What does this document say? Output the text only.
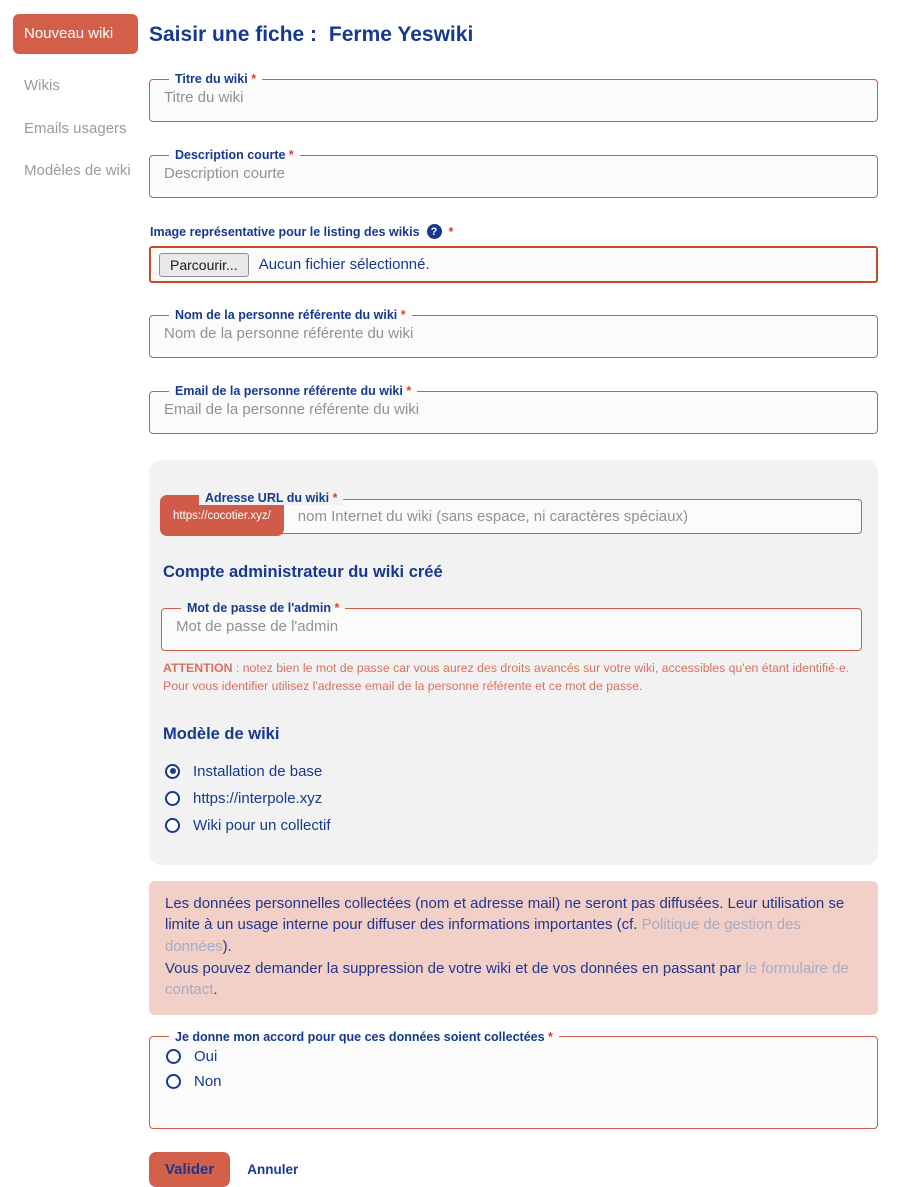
Nouveau wiki
Wikis
Emails usagers
Modèles de wiki
Saisir une fiche : Ferme Yeswiki
Titre du wiki *
Titre du wiki
Description courte *
Description courte
Image représentative pour le listing des wikis	? *
Parcourir...	Aucun fichier sélectionné.
Nom de la personne référente du wiki *
Nom de la personne référente du wiki
Email de la personne référente du wiki *
Email de la personne référente du wiki
Adresse URL du wiki *
https://cocotier.xyz/
nom Internet du wiki (sans espace, ni caractères spéciaux)
Compte administrateur du wiki créé
Mot de passe de l'admin *
Mot de passe de l'admin

ATTENTION : notez bien le mot de passe car vous aurez des droits avancés sur votre wiki, accessibles qu'en étant identifié·e.
Pour vous identifier utilisez l'adresse email de la personne référente et ce mot de passe.

Modèle de wiki
Installation de base
https://interpole.xyz
Wiki pour un collectif
Les données personnelles collectées (nom et adresse mail) ne seront pas diffusées. Leur utilisation se limite à un usage interne pour diffuser des informations importantes (cf. Politique de gestion des données).
Vous pouvez demander la suppression de votre wiki et de vos données en passant par le formulaire de contact.
Je donne mon accord pour que ces données soient collectées *
Oui
Non
Valider	Annuler
